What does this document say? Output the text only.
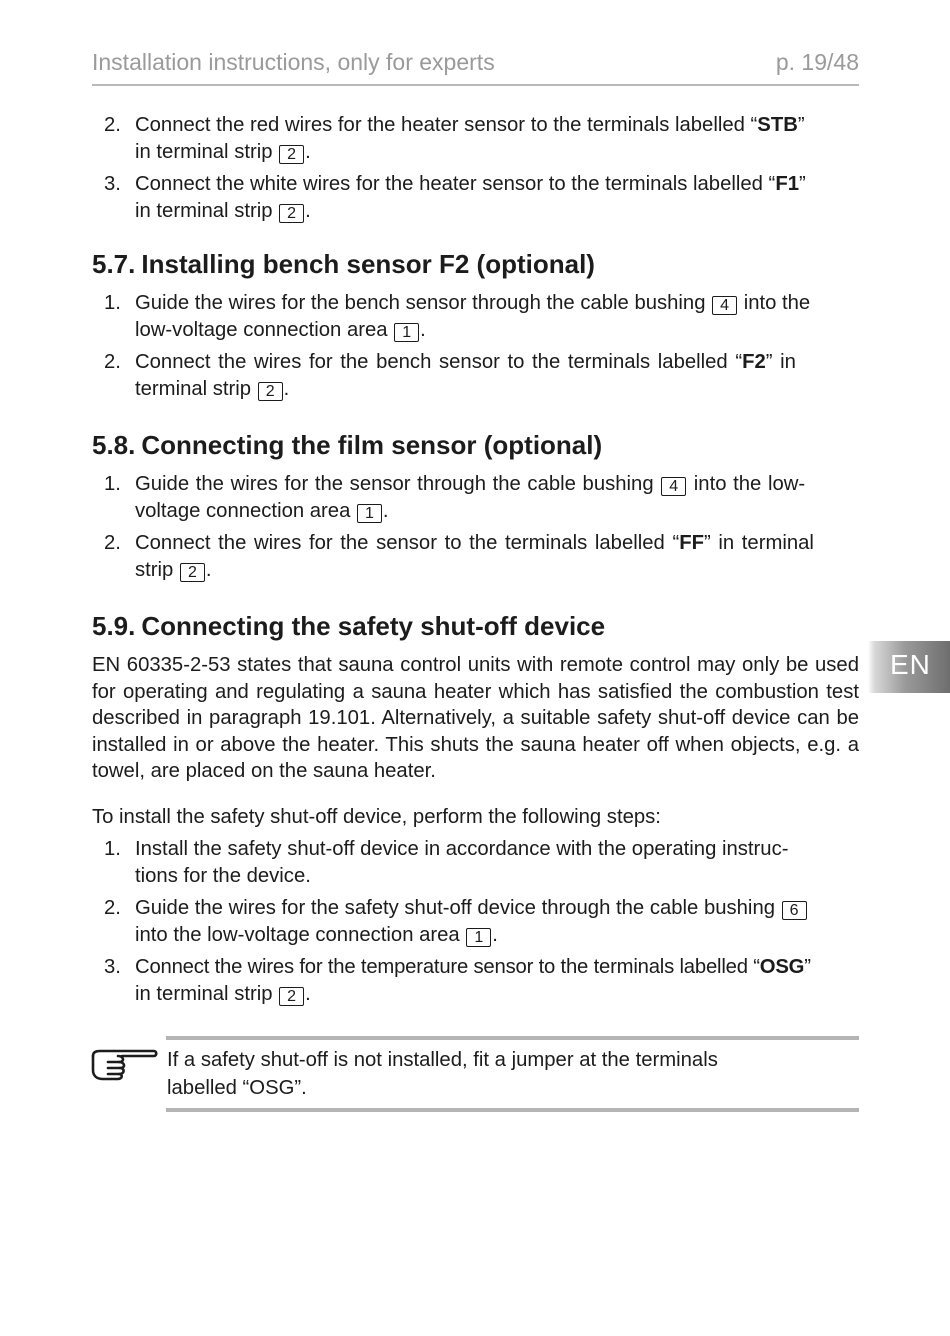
Installation instructions, only for experts	p. 19/48
2. Connect the red wires for the heater sensor to the terminals labelled “STB”
in terminal strip 2 .
3. Connect the white wires for the heater sensor to the terminals labelled “F1”
in terminal strip 2 .
5.7. Installing bench sensor F2 (optional)
1. Guide the wires for the bench sensor through the cable bushing 4 into the
low-voltage connection area 1 .
2. Connect the wires for the bench sensor to the terminals labelled “F2” in
terminal strip 2 .
5.8. Connecting the film sensor (optional)
1. Guide the wires for the sensor through the cable bushing 4 into the low-
voltage connection area 1 .
2. Connect the wires for the sensor to the terminals labelled “FF” in terminal
strip 2 .
5.9. Connecting the safety shut-off device

EN 60335-2-53 states that sauna control units with remote control may only be used for operating and regulating a sauna heater which has satisfied the combustion test described in paragraph 19.101. Alternatively, a suitable safety shut-off device can be installed in or above the heater. This shuts the sauna heater off when objects, e.g. a towel, are placed on the sauna heater.

To install the safety shut-off device, perform the following steps:

1. Install the safety shut-off device in accordance with the operating instruc-
tions for the device.
2. Guide the wires for the safety shut-off device through the cable bushing 6
into the low-voltage connection area 1 .
3. Connect the wires for the temperature sensor to the terminals labelled “OSG”
in terminal strip 2 .
EN
If a safety shut-off is not installed, fit a jumper at the terminals
labelled “OSG”.
